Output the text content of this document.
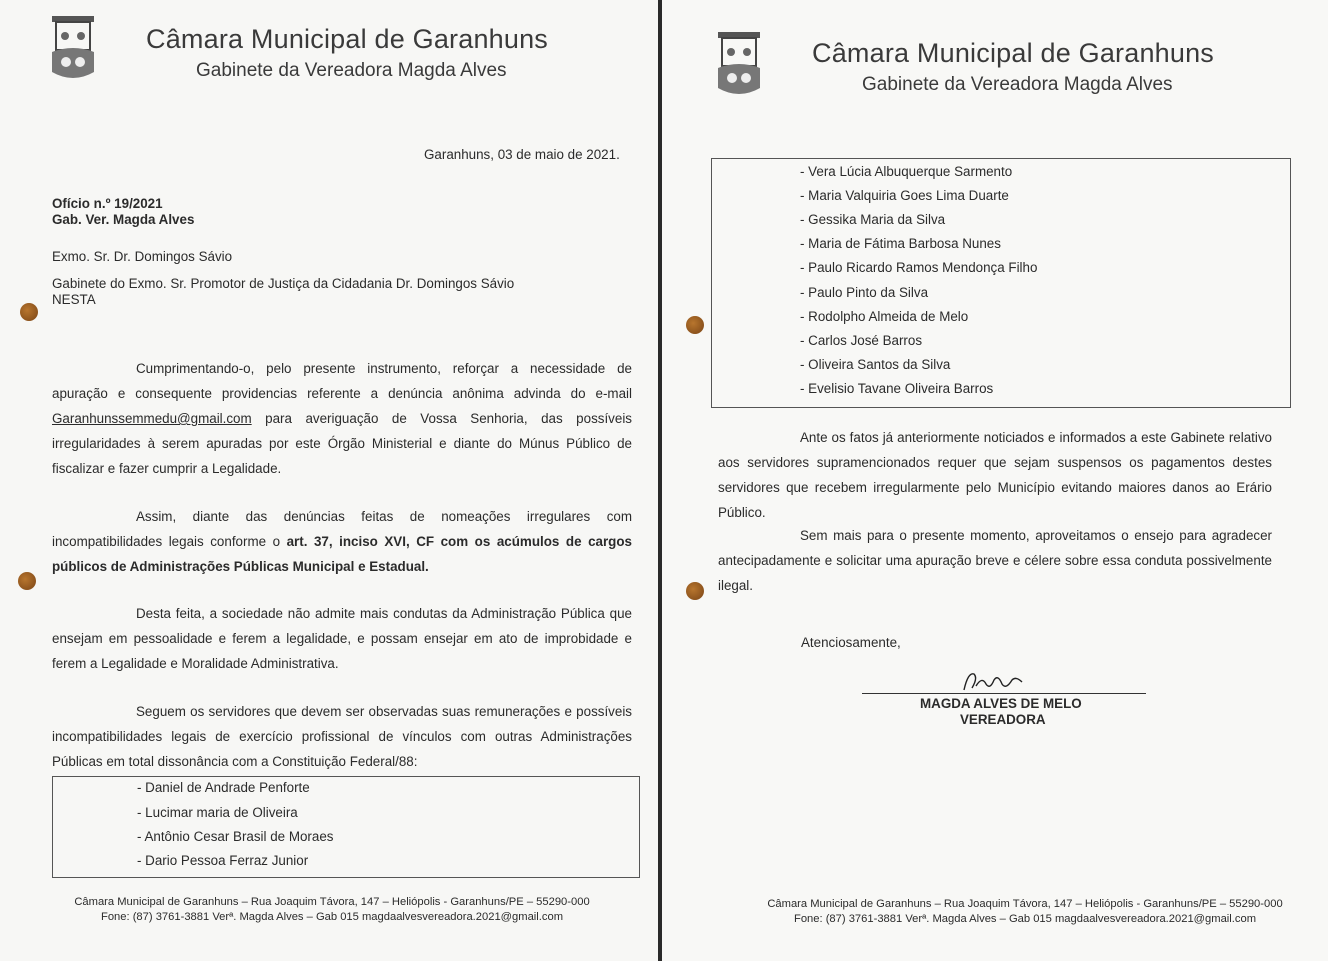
Câmara Municipal de Garanhuns
Gabinete da Vereadora Magda Alves
Garanhuns, 03 de maio de 2021.
Ofício n.º 19/2021
Gab. Ver. Magda Alves
Exmo. Sr. Dr. Domingos Sávio
Gabinete do Exmo. Sr. Promotor de Justiça da Cidadania Dr. Domingos Sávio
NESTA

Cumprimentando-o, pelo presente instrumento, reforçar a necessidade de apuração e consequente providencias referente a denúncia anônima advinda do e-mail Garanhunssemmedu@gmail.com para averiguação de Vossa Senhoria, das possíveis irregularidades à serem apuradas por este Órgão Ministerial e diante do Múnus Público de fiscalizar e fazer cumprir a Legalidade.

Assim, diante das denúncias feitas de nomeações irregulares com incompatibilidades legais conforme o art. 37, inciso XVI, CF com os acúmulos de cargos públicos de Administrações Públicas Municipal e Estadual.

Desta feita, a sociedade não admite mais condutas da Administração Pública que ensejam em pessoalidade e ferem a legalidade, e possam ensejar em ato de improbidade e ferem a Legalidade e Moralidade Administrativa.

Seguem os servidores que devem ser observadas suas remunerações e possíveis incompatibilidades legais de exercício profissional de vínculos com outras Administrações Públicas em total dissonância com a Constituição Federal/88:

- Daniel de Andrade Penforte
- Lucimar maria de Oliveira
- Antônio Cesar Brasil de Moraes
- Dario Pessoa Ferraz Junior
Câmara Municipal de Garanhuns – Rua Joaquim Távora, 147 – Heliópolis - Garanhuns/PE – 55290-000
Fone: (87) 3761-3881 Verª. Magda Alves – Gab 015 magdaalvesvereadora.2021@gmail.com
Câmara Municipal de Garanhuns
Gabinete da Vereadora Magda Alves
- Vera Lúcia Albuquerque Sarmento
- Maria Valquiria Goes Lima Duarte
- Gessika Maria da Silva
- Maria de Fátima Barbosa Nunes
- Paulo Ricardo Ramos Mendonça Filho
- Paulo Pinto da Silva
- Rodolpho Almeida de Melo
- Carlos José Barros
- Oliveira Santos da Silva
- Evelisio Tavane Oliveira Barros

Ante os fatos já anteriormente noticiados e informados a este Gabinete relativo aos servidores supramencionados requer que sejam suspensos os pagamentos destes servidores que recebem irregularmente pelo Município evitando maiores danos ao Erário Público.

Sem mais para o presente momento, aproveitamos o ensejo para agradecer antecipadamente e solicitar uma apuração breve e célere sobre essa conduta possivelmente ilegal.

Atenciosamente,
MAGDA ALVES DE MELO
VEREADORA
Câmara Municipal de Garanhuns – Rua Joaquim Távora, 147 – Heliópolis - Garanhuns/PE – 55290-000
Fone: (87) 3761-3881 Verª. Magda Alves – Gab 015 magdaalvesvereadora.2021@gmail.com
